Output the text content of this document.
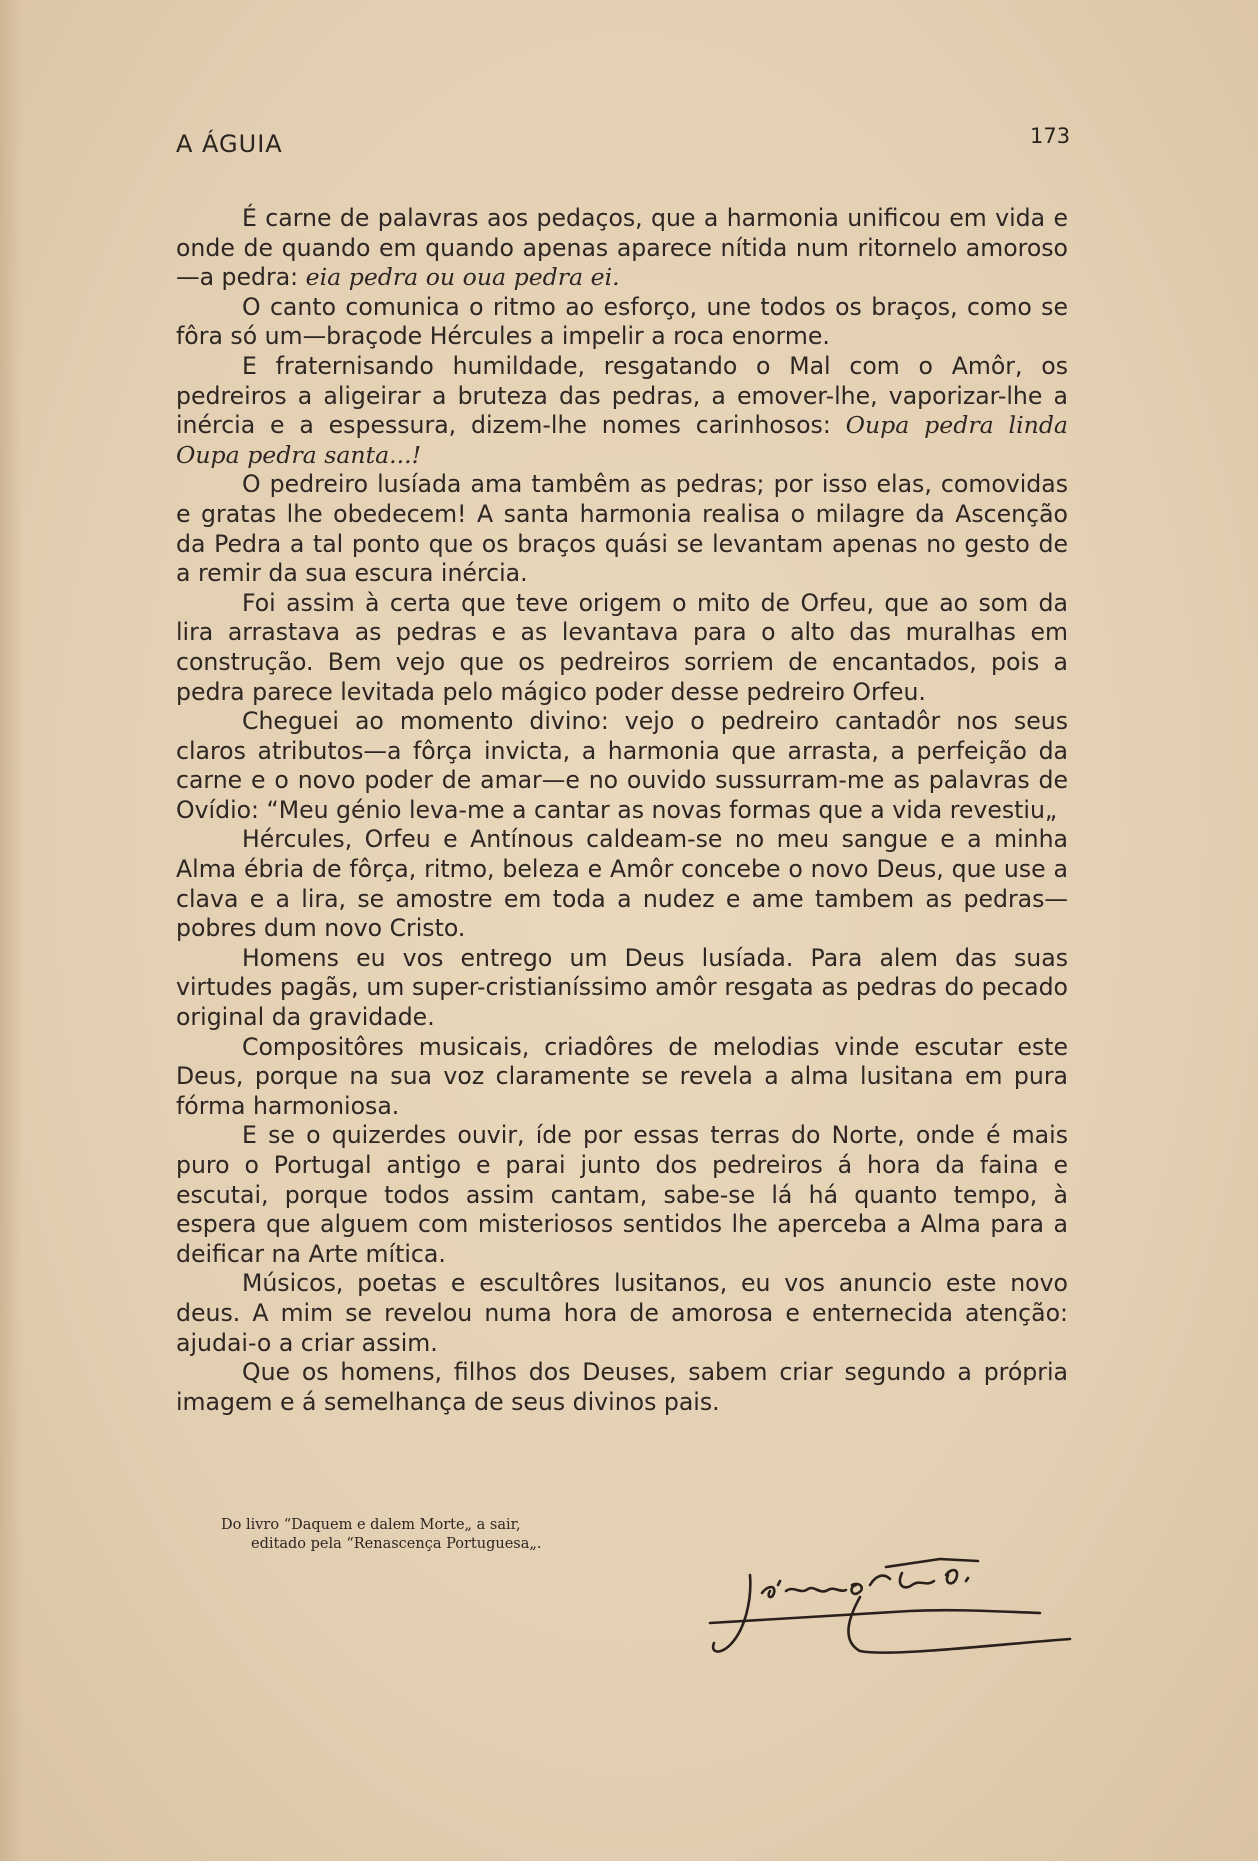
A ÁGUIA	173

É carne de palavras aos pedaços, que a harmonia unificou em vida e onde de quando em quando apenas aparece nítida num ritornelo amoroso—a pedra: eia pedra ou oua pedra ei.

O canto comunica o ritmo ao esforço, une todos os braços, como se fôra só um—braçode Hércules a impelir a roca enorme.

E fraternisando humildade, resgatando o Mal com o Amôr, os pedreiros a aligeirar a bruteza das pedras, a emover-lhe, vaporizar-lhe a inércia e a espessura, dizem-lhe nomes carinhosos: Oupa pedra linda Oupa pedra santa...!

O pedreiro lusíada ama tambêm as pedras; por isso elas, comovidas e gratas lhe obedecem! A santa harmonia realisa o milagre da Ascenção da Pedra a tal ponto que os braços quási se levantam apenas no gesto de a remir da sua escura inércia.

Foi assim à certa que teve origem o mito de Orfeu, que ao som da lira arrastava as pedras e as levantava para o alto das muralhas em construção. Bem vejo que os pedreiros sorriem de encantados, pois a pedra parece levitada pelo mágico poder desse pedreiro Orfeu.

Cheguei ao momento divino: vejo o pedreiro cantadôr nos seus claros atributos—a fôrça invicta, a harmonia que arrasta, a perfeição da carne e o novo poder de amar—e no ouvido sussurram-me as palavras de Ovídio: “Meu génio leva-me a cantar as novas formas que a vida revestiu„

Hércules, Orfeu e Antínous caldeam-se no meu sangue e a minha Alma ébria de fôrça, ritmo, beleza e Amôr concebe o novo Deus, que use a clava e a lira, se amostre em toda a nudez e ame tambem as pedras—pobres dum novo Cristo.

Homens eu vos entrego um Deus lusíada. Para alem das suas virtudes pagãs, um super-cristianíssimo amôr resgata as pedras do pecado original da gravidade.

Compositôres musicais, criadôres de melodias vinde escutar este Deus, porque na sua voz claramente se revela a alma lusitana em pura fórma harmoniosa.

E se o quizerdes ouvir, íde por essas terras do Norte, onde é mais puro o Portugal antigo e parai junto dos pedreiros á hora da faina e escutai, porque todos assim cantam, sabe-se lá há quanto tempo, à espera que alguem com misteriosos sentidos lhe aperceba a Alma para a deificar na Arte mítica.

Músicos, poetas e escultôres lusitanos, eu vos anuncio este novo deus. A mim se revelou numa hora de amorosa e enternecida atenção: ajudai-o a criar assim.

Que os homens, filhos dos Deuses, sabem criar segundo a própria imagem e á semelhança de seus divinos pais.

Do livro “Daquem e dalem Morte„ a sair,
editado pela “Renascença Portuguesa„.
